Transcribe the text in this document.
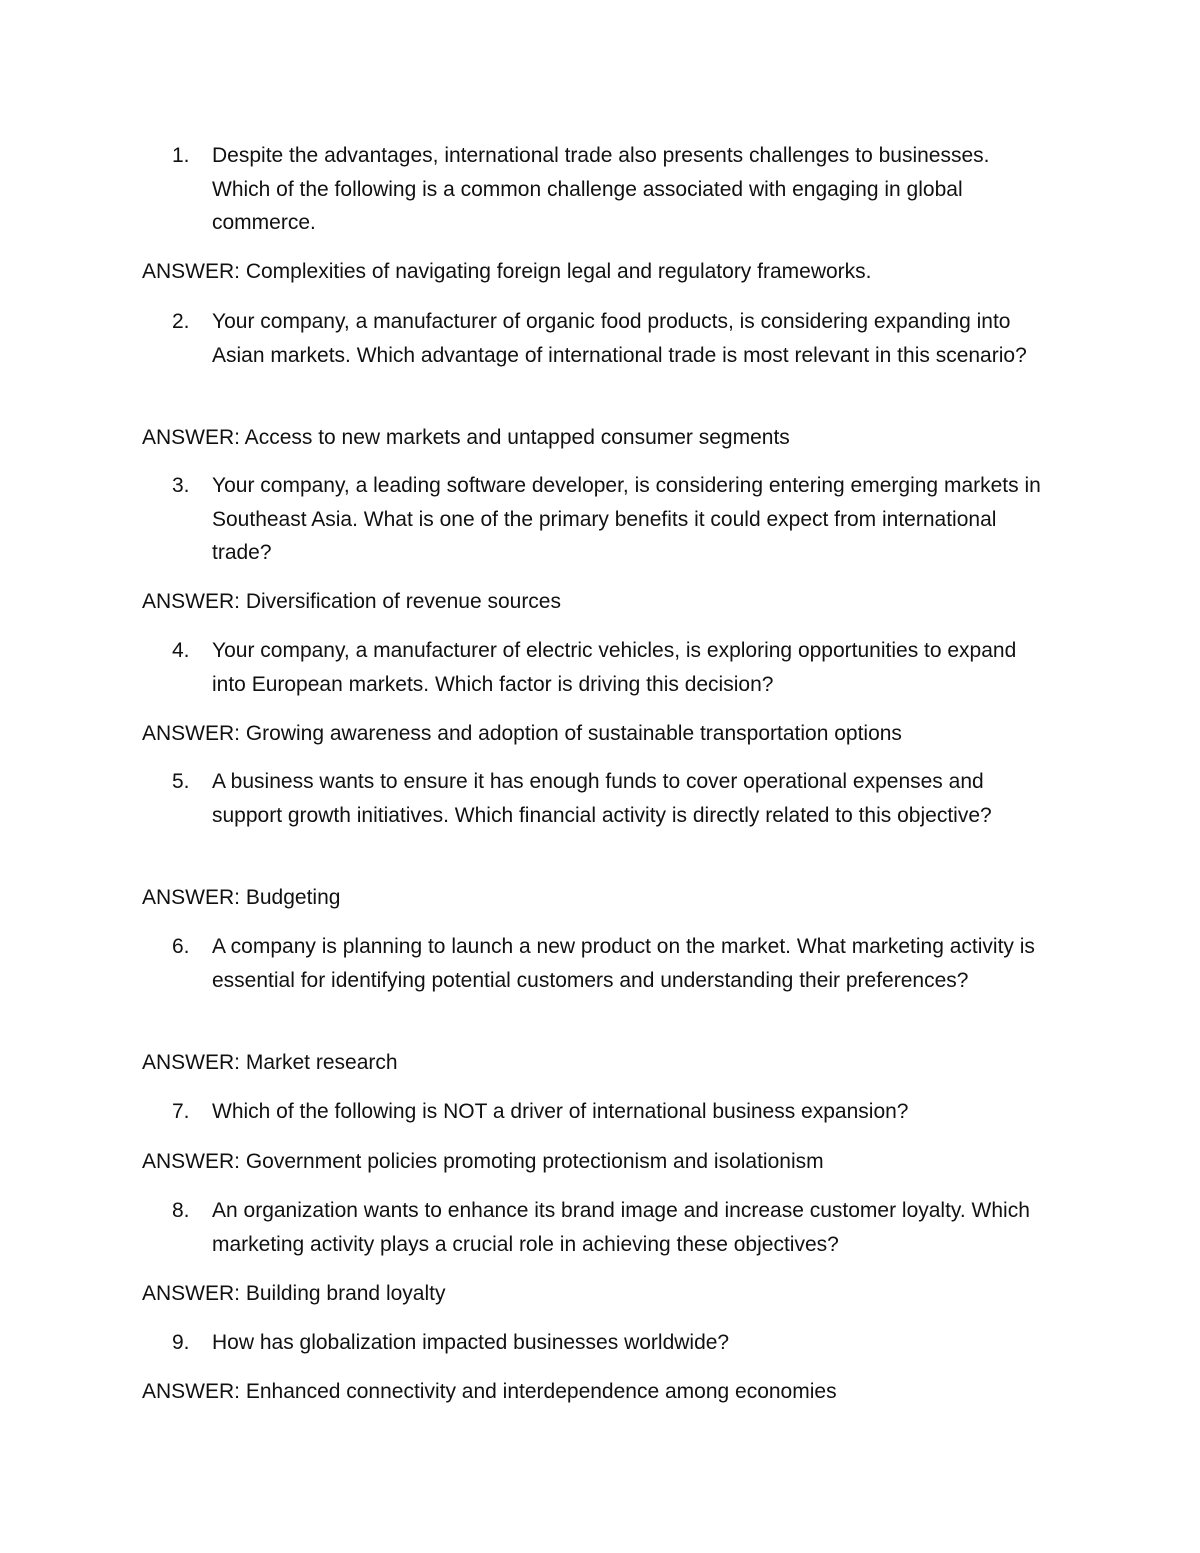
1.	Despite the advantages, international trade also presents challenges to businesses. Which of the following is a common challenge associated with engaging in global commerce.
ANSWER: Complexities of navigating foreign legal and regulatory frameworks.
2.	Your company, a manufacturer of organic food products, is considering expanding into Asian markets. Which advantage of international trade is most relevant in this scenario?
ANSWER: Access to new markets and untapped consumer segments
3.	Your company, a leading software developer, is considering entering emerging markets in Southeast Asia. What is one of the primary benefits it could expect from international trade?
ANSWER: Diversification of revenue sources
4.	Your company, a manufacturer of electric vehicles, is exploring opportunities to expand into European markets. Which factor is driving this decision?
ANSWER: Growing awareness and adoption of sustainable transportation options
5.	A business wants to ensure it has enough funds to cover operational expenses and support growth initiatives. Which financial activity is directly related to this objective?
ANSWER: Budgeting
6.	A company is planning to launch a new product on the market. What marketing activity is essential for identifying potential customers and understanding their preferences?
ANSWER: Market research
7.	Which of the following is NOT a driver of international business expansion?
ANSWER: Government policies promoting protectionism and isolationism
8.	An organization wants to enhance its brand image and increase customer loyalty. Which marketing activity plays a crucial role in achieving these objectives?
ANSWER: Building brand loyalty
9.	How has globalization impacted businesses worldwide?
ANSWER: Enhanced connectivity and interdependence among economies
